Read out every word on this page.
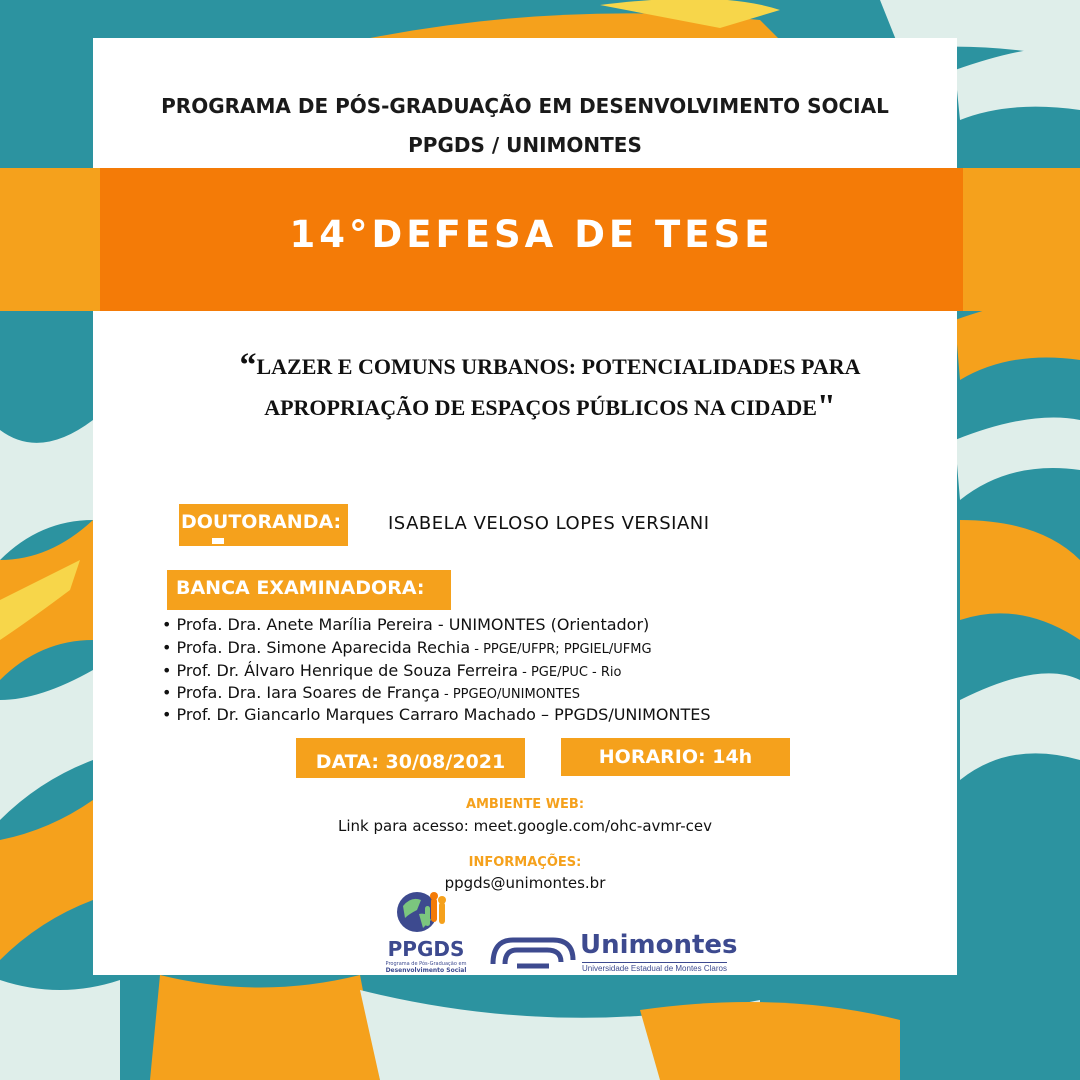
PROGRAMA DE PÓS-GRADUAÇÃO EM DESENVOLVIMENTO SOCIAL
PPGDS / UNIMONTES
14°DEFESA DE TESE
“LAZER E COMUNS URBANOS: POTENCIALIDADES PARA
APROPRIAÇÃO DE ESPAÇOS PÚBLICOS NA CIDADE"
DOUTORANDA:	ISABELA VELOSO LOPES VERSIANI
BANCA EXAMINADORA:
• Profa. Dra. Anete Marília Pereira - UNIMONTES (Orientador)
• Profa. Dra. Simone Aparecida Rechia - PPGE/UFPR; PPGIEL/UFMG
• Prof. Dr. Álvaro Henrique de Souza Ferreira - PGE/PUC - Rio
• Profa. Dra. Iara Soares de França - PPGEO/UNIMONTES
• Prof. Dr. Giancarlo Marques Carraro Machado – PPGDS/UNIMONTES
DATA: 30/08/2021	HORARIO: 14h
AMBIENTE WEB:
Link para acesso: meet.google.com/ohc-avmr-cev
INFORMAÇÕES:
ppgds@unimontes.br
PPGDS
Programa de Pós-Graduação em
Desenvolvimento Social
Unimontes
Universidade Estadual de Montes Claros
